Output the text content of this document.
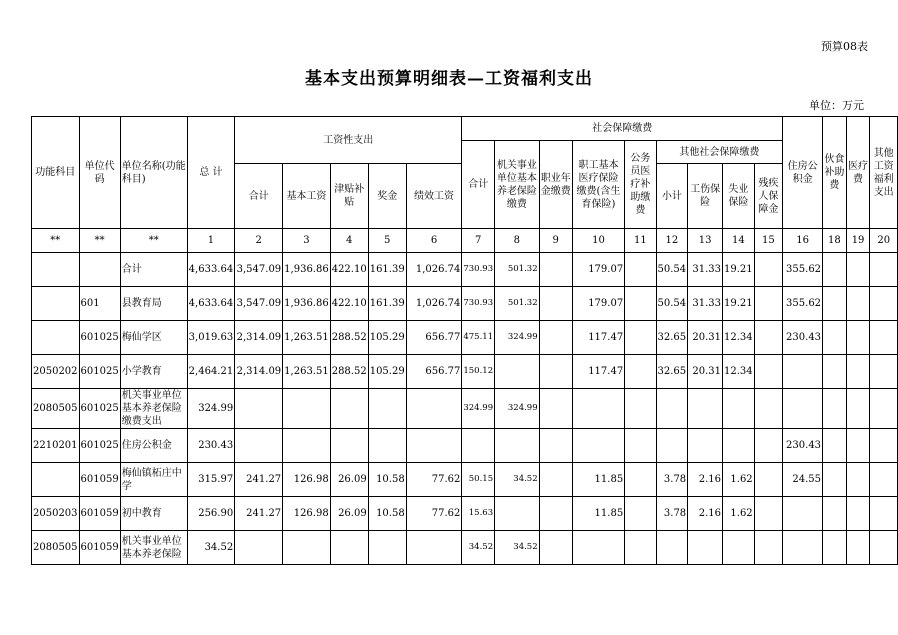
预算08表
基本支出预算明细表—工资福利支出
单位：万元
功能科目	单位代码	单位名称(功能科目)	总 计	工资性支出					社会保障缴费									住房公积金	伙食补助费	医疗费	其他工资福利支出
									合计	机关事业单位基本养老保险缴费	职业年金缴费	职工基本医疗保险缴费(含生育保险)	公务员医疗补助缴费	其他社会保障缴费							
				合计	基本工资	津贴补贴	奖金	绩效工资						小计	工伤保险	失业保险	残疾人保障金				
**	**	**	1	2	3	4	5	6	7	8	9	10	11	12	13	14	15	16	18	19	20
		合计	4,633.64	3,547.09	1,936.86	422.10	161.39	1,026.74	730.93	501.32		179.07		50.54	31.33	19.21		355.62			
	601	县教育局	4,633.64	3,547.09	1,936.86	422.10	161.39	1,026.74	730.93	501.32		179.07		50.54	31.33	19.21		355.62			
	601025	梅仙学区	3,019.63	2,314.09	1,263.51	288.52	105.29	656.77	475.11	324.99		117.47		32.65	20.31	12.34		230.43			
2050202	601025	小学教育	2,464.21	2,314.09	1,263.51	288.52	105.29	656.77	150.12			117.47		32.65	20.31	12.34					
2080505	601025	机关事业单位基本养老保险缴费支出	324.99						324.99	324.99											
2210201	601025	住房公积金	230.43															230.43			
	601059	梅仙镇柘庄中学	315.97	241.27	126.98	26.09	10.58	77.62	50.15	34.52		11.85		3.78	2.16	1.62		24.55			
2050203	601059	初中教育	256.90	241.27	126.98	26.09	10.58	77.62	15.63			11.85		3.78	2.16	1.62					
2080505	601059	机关事业单位基本养老保险	34.52						34.52	34.52											
